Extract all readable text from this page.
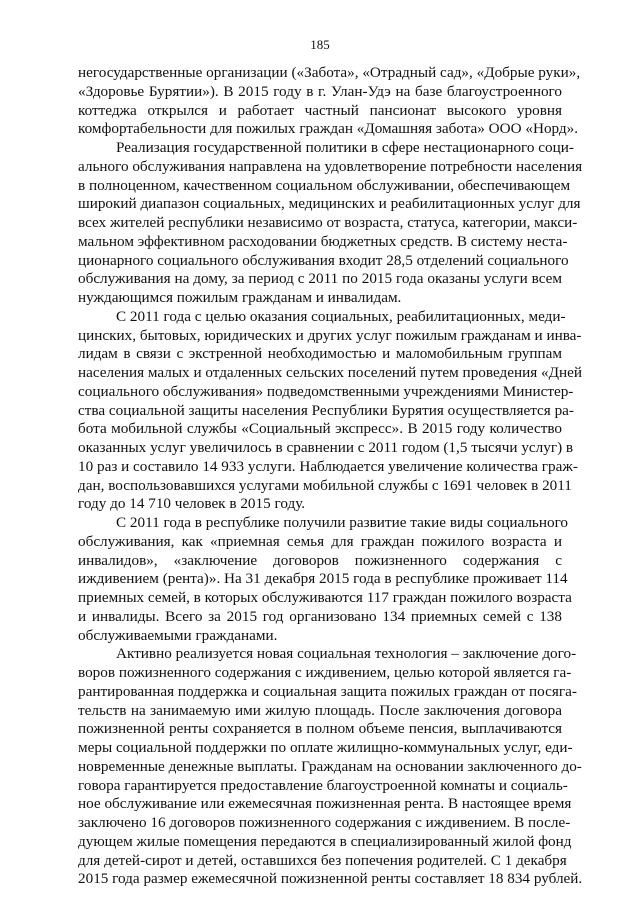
185
негосударственные организации («Забота», «Отрадный сад», «Добрые руки»,
«Здоровье Бурятии»). В 2015 году в г. Улан-Удэ на базе благоустроенного
коттеджа открылся и работает частный пансионат высокого уровня
комфортабельности для пожилых граждан «Домашняя забота» ООО «Норд».
Реализация государственной политики в сфере нестационарного соци-
ального обслуживания направлена на удовлетворение потребности населения
в полноценном, качественном социальном обслуживании, обеспечивающем
широкий диапазон социальных, медицинских и реабилитационных услуг для
всех жителей республики независимо от возраста, статуса, категории, макси-
мальном эффективном расходовании бюджетных средств. В систему неста-
ционарного социального обслуживания входит 28,5 отделений социального
обслуживания на дому, за период с 2011 по 2015 года оказаны услуги всем
нуждающимся пожилым гражданам и инвалидам.
С 2011 года с целью оказания социальных, реабилитационных, меди-
цинских, бытовых, юридических и других услуг пожилым гражданам и инва-
лидам в связи с экстренной необходимостью и маломобильным группам
населения малых и отдаленных сельских поселений путем проведения «Дней
социального обслуживания» подведомственными учреждениями Министер-
ства социальной защиты населения Республики Бурятия осуществляется ра-
бота мобильной службы «Социальный экспресс». В 2015 году количество
оказанных услуг увеличилось в сравнении с 2011 годом (1,5 тысячи услуг) в
10 раз и составило 14 933 услуги. Наблюдается увеличение количества граж-
дан, воспользовавшихся услугами мобильной службы с 1691 человек в 2011
году до 14 710 человек в 2015 году.
С 2011 года в республике получили развитие такие виды социального
обслуживания, как «приемная семья для граждан пожилого возраста и
инвалидов», «заключение договоров пожизненного содержания с
иждивением (рента)». На 31 декабря 2015 года в республике проживает 114
приемных семей, в которых обслуживаются 117 граждан пожилого возраста
и инвалиды. Всего за 2015 год организовано 134 приемных семей с 138
обслуживаемыми гражданами.
Активно реализуется новая социальная технология – заключение дого-
воров пожизненного содержания с иждивением, целью которой является га-
рантированная поддержка и социальная защита пожилых граждан от посяга-
тельств на занимаемую ими жилую площадь. После заключения договора
пожизненной ренты сохраняется в полном объеме пенсия, выплачиваются
меры социальной поддержки по оплате жилищно-коммунальных услуг, еди-
новременные денежные выплаты. Гражданам на основании заключенного до-
говора гарантируется предоставление благоустроенной комнаты и социаль-
ное обслуживание или ежемесячная пожизненная рента. В настоящее время
заключено 16 договоров пожизненного содержания с иждивением. В после-
дующем жилые помещения передаются в специализированный жилой фонд
для детей-сирот и детей, оставшихся без попечения родителей. С 1 декабря
2015 года размер ежемесячной пожизненной ренты составляет 18 834 рублей.
